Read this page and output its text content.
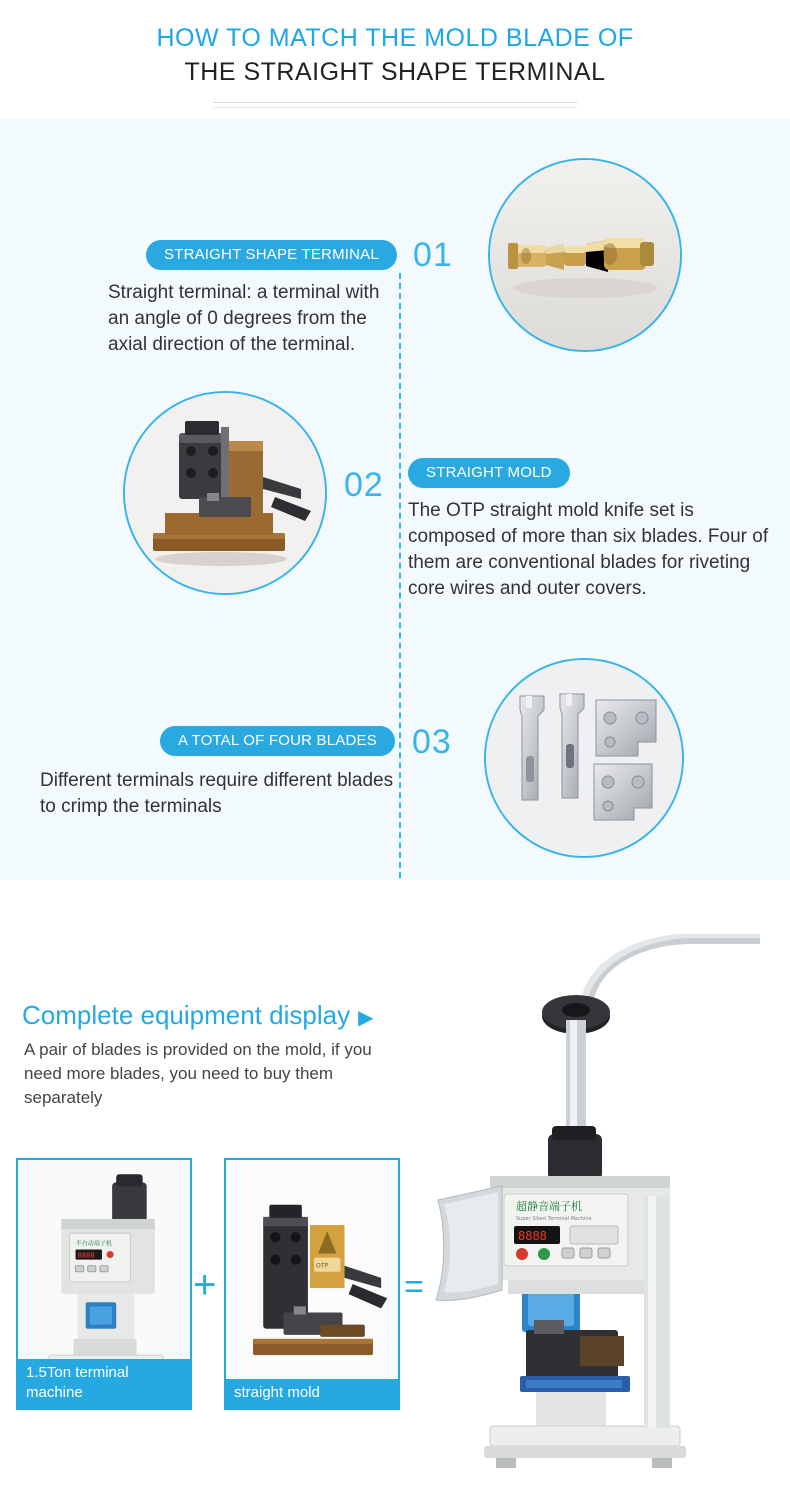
HOW TO MATCH THE MOLD BLADE OF
THE STRAIGHT SHAPE TERMINAL
STRAIGHT SHAPE TERMINAL
Straight terminal: a terminal with an angle of 0 degrees from the axial direction of the terminal.
01
02	STRAIGHT MOLD
The OTP straight mold knife set is composed of more than six blades. Four of them are conventional blades for riveting core wires and outer covers.
A TOTAL OF FOUR BLADES
Different terminals require different blades to crimp the terminals
03
Complete equipment display ▶
A pair of blades is provided on the mold, if you need more blades, you need to buy them separately
半自动端子机
8888
1.5Ton terminal machine
+	OTP
straight mold
=
超静音端子机
Super Silent Terminal Machine
8888
